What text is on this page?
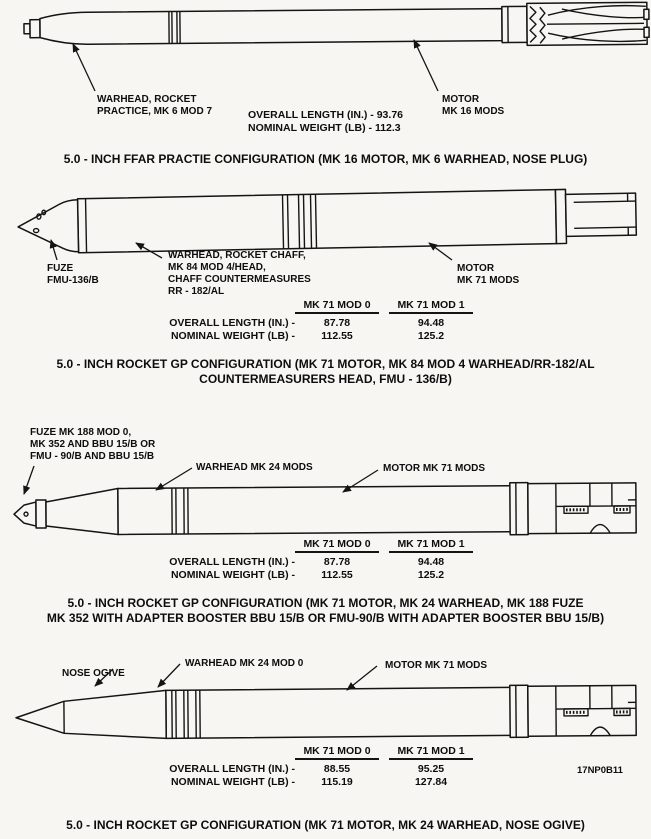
WARHEAD, ROCKET
PRACTICE, MK 6 MOD 7
MOTOR
MK 16 MODS
OVERALL LENGTH (IN.) - 93.76
NOMINAL WEIGHT (LB) - 112.3
5.0 - INCH FFAR PRACTIE CONFIGURATION (MK 16 MOTOR, MK 6 WARHEAD, NOSE PLUG)
FUZE
FMU-136/B
WARHEAD, ROCKET CHAFF,
MK 84 MOD 4/HEAD,
CHAFF COUNTERMEASURES
RR - 182/AL
MOTOR
MK 71 MODS
MK 71 MOD 0	MK 71 MOD 1
OVERALL LENGTH (IN.) -	87.78	94.48
NOMINAL WEIGHT (LB) -	112.55	125.2
5.0 - INCH ROCKET GP CONFIGURATION (MK 71 MOTOR, MK 84 MOD 4 WARHEAD/RR-182/AL
COUNTERMEASURERS HEAD, FMU - 136/B)
FUZE MK 188 MOD 0,
MK 352 AND BBU 15/B OR
FMU - 90/B AND BBU 15/B
WARHEAD MK 24 MODS	MOTOR MK 71 MODS
MK 71 MOD 0	MK 71 MOD 1
OVERALL LENGTH (IN.) -	87.78	94.48
NOMINAL WEIGHT (LB) -	112.55	125.2
5.0 - INCH ROCKET GP CONFIGURATION (MK 71 MOTOR, MK 24 WARHEAD, MK 188 FUZE
MK 352 WITH ADAPTER BOOSTER BBU 15/B OR FMU-90/B WITH ADAPTER BOOSTER BBU 15/B)
NOSE OGIVE
WARHEAD MK 24 MOD 0	MOTOR MK 71 MODS
MK 71 MOD 0	MK 71 MOD 1
OVERALL LENGTH (IN.) -	88.55	95.25
NOMINAL WEIGHT (LB) -	115.19	127.84
17NP0B11
5.0 - INCH ROCKET GP CONFIGURATION (MK 71 MOTOR, MK 24 WARHEAD, NOSE OGIVE)
